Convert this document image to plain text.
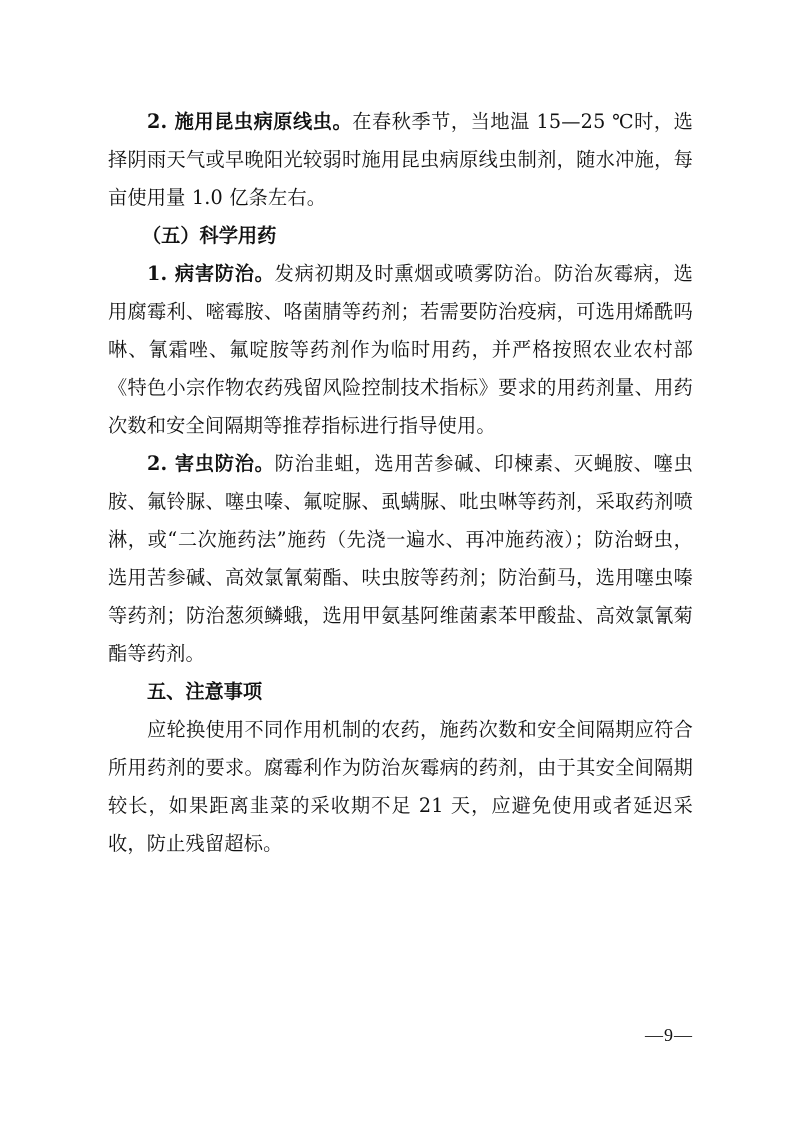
2. 施用昆虫病原线虫。在春秋季节，当地温 15—25 ℃时，选择阴雨天气或早晚阳光较弱时施用昆虫病原线虫制剂，随水冲施，每亩使用量 1.0 亿条左右。

（五）科学用药

1. 病害防治。发病初期及时熏烟或喷雾防治。防治灰霉病，选用腐霉利、嘧霉胺、咯菌腈等药剂；若需要防治疫病，可选用烯酰吗啉、氰霜唑、氟啶胺等药剂作为临时用药，并严格按照农业农村部《特色小宗作物农药残留风险控制技术指标》要求的用药剂量、用药次数和安全间隔期等推荐指标进行指导使用。

2. 害虫防治。防治韭蛆，选用苦参碱、印楝素、灭蝇胺、噻虫胺、氟铃脲、噻虫嗪、氟啶脲、虱螨脲、吡虫啉等药剂，采取药剂喷淋，或“二次施药法”施药（先浇一遍水、再冲施药液）；防治蚜虫，选用苦参碱、高效氯氰菊酯、呋虫胺等药剂；防治蓟马，选用噻虫嗪等药剂；防治葱须鳞蛾，选用甲氨基阿维菌素苯甲酸盐、高效氯氰菊酯等药剂。

五、注意事项

应轮换使用不同作用机制的农药，施药次数和安全间隔期应符合所用药剂的要求。腐霉利作为防治灰霉病的药剂，由于其安全间隔期较长，如果距离韭菜的采收期不足 21 天，应避免使用或者延迟采收，防止残留超标。

—9—
